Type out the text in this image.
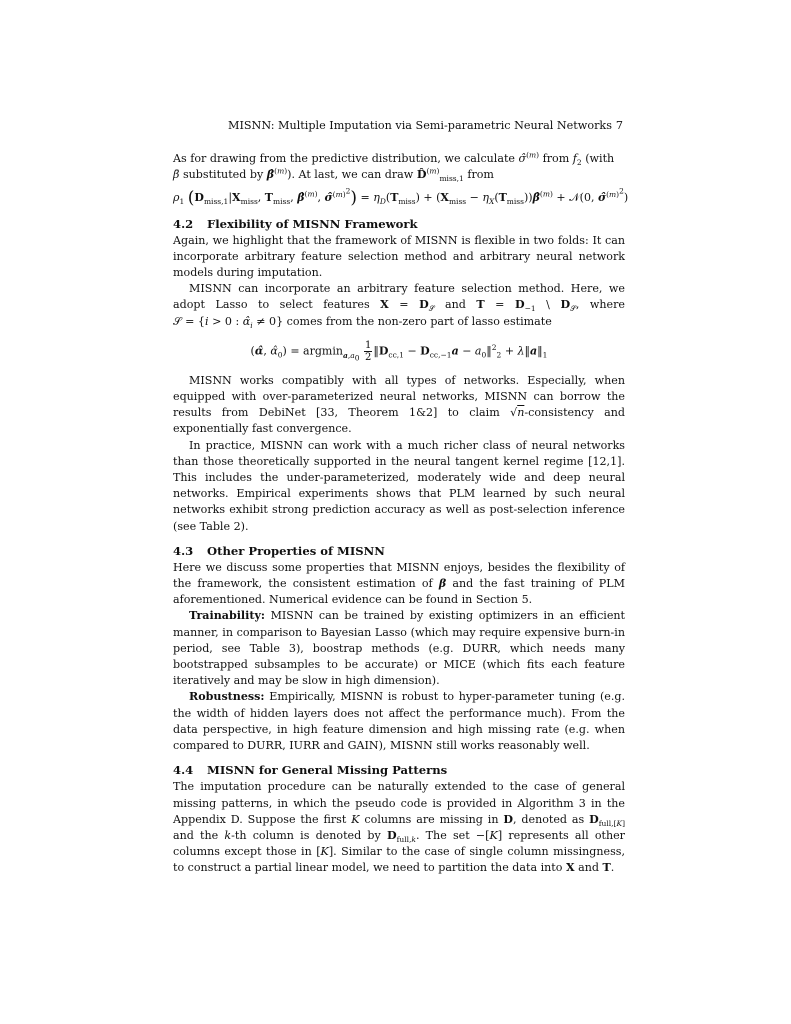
MISNN: Multiple Imputation via Semi-parametric Neural Networks 7

As for drawing from the predictive distribution, we calculate σ̂$^{(m)}$ from $f_2$ (with
β̄ substituted by β̂$^{(m)}$). At last, we can draw D̂$^{(m)}_{miss,1}$ from

$\rho_1$ ($D_{miss,1}|X_{miss}$, $T_{miss}$, β̂$^{(m)}$, σ̂$^{(m)^2}$) = $\eta_D(T_{miss}) + (X_{miss}$ − $\eta_X(T_{miss}))\betâ^{(m)}$ + 𝒩(0, σ̂$^{(m)^2}$)
4.2 Flexibility of MISNN Framework

Again, we highlight that the framework of MISNN is flexible in two folds: It can incorporate arbitrary feature selection method and arbitrary neural network models during imputation.

MISNN can incorporate an arbitrary feature selection method. Here, we adopt Lasso to select features $X = D_𝒮$ and $T = D_{-1}$ \ $D_𝒮$, where 𝒮 = {i > 0 : $\alphâ_i \ne 0$} comes from the non-zero part of lasso estimate

(α̂, $\alphâ_0) = argmin_{a,a_0} \frac{1}{2}$ $‖D_{cc,1} - D_{cc,-1}a$ − $a_0‖^2_2$ + $\lambda‖a‖_1$

MISNN works compatibly with all types of networks. Especially, when equipped with over-parameterized neural networks, MISNN can borrow the results from DebiNet [33, Theorem 1&2] to claim √n-consistency and exponentially fast convergence.

In practice, MISNN can work with a much richer class of neural networks than those theoretically supported in the neural tangent kernel regime [12,1]. This includes the under-parameterized, moderately wide and deep neural networks. Empirical experiments shows that PLM learned by such neural networks exhibit strong prediction accuracy as well as post-selection inference (see Table 2).

4.3 Other Properties of MISNN

Here we discuss some properties that MISNN enjoys, besides the flexibility of the framework, the consistent estimation of β and the fast training of PLM aforementioned. Numerical evidence can be found in Section 5.

Trainability: MISNN can be trained by existing optimizers in an efficient manner, in comparison to Bayesian Lasso (which may require expensive burn-in period, see Table 3), boostrap methods (e.g. DURR, which needs many bootstrapped subsamples to be accurate) or MICE (which fits each feature iteratively and may be slow in high dimension).

Robustness: Empirically, MISNN is robust to hyper-parameter tuning (e.g. the width of hidden layers does not affect the performance much). From the data perspective, in high feature dimension and high missing rate (e.g. when compared to DURR, IURR and GAIN), MISNN still works reasonably well.

4.4 MISNN for General Missing Patterns

The imputation procedure can be naturally extended to the case of general missing patterns, in which the pseudo code is provided in Algorithm 3 in the Appendix D. Suppose the first K columns are missing in D, denoted as $D_{full,[K]}$ and the k-th column is denoted by $D_{full,k}$. The set −[K] represents all other columns except those in [K]. Similar to the case of single column missingness, to construct a partial linear model, we need to partition the data into X and T.
